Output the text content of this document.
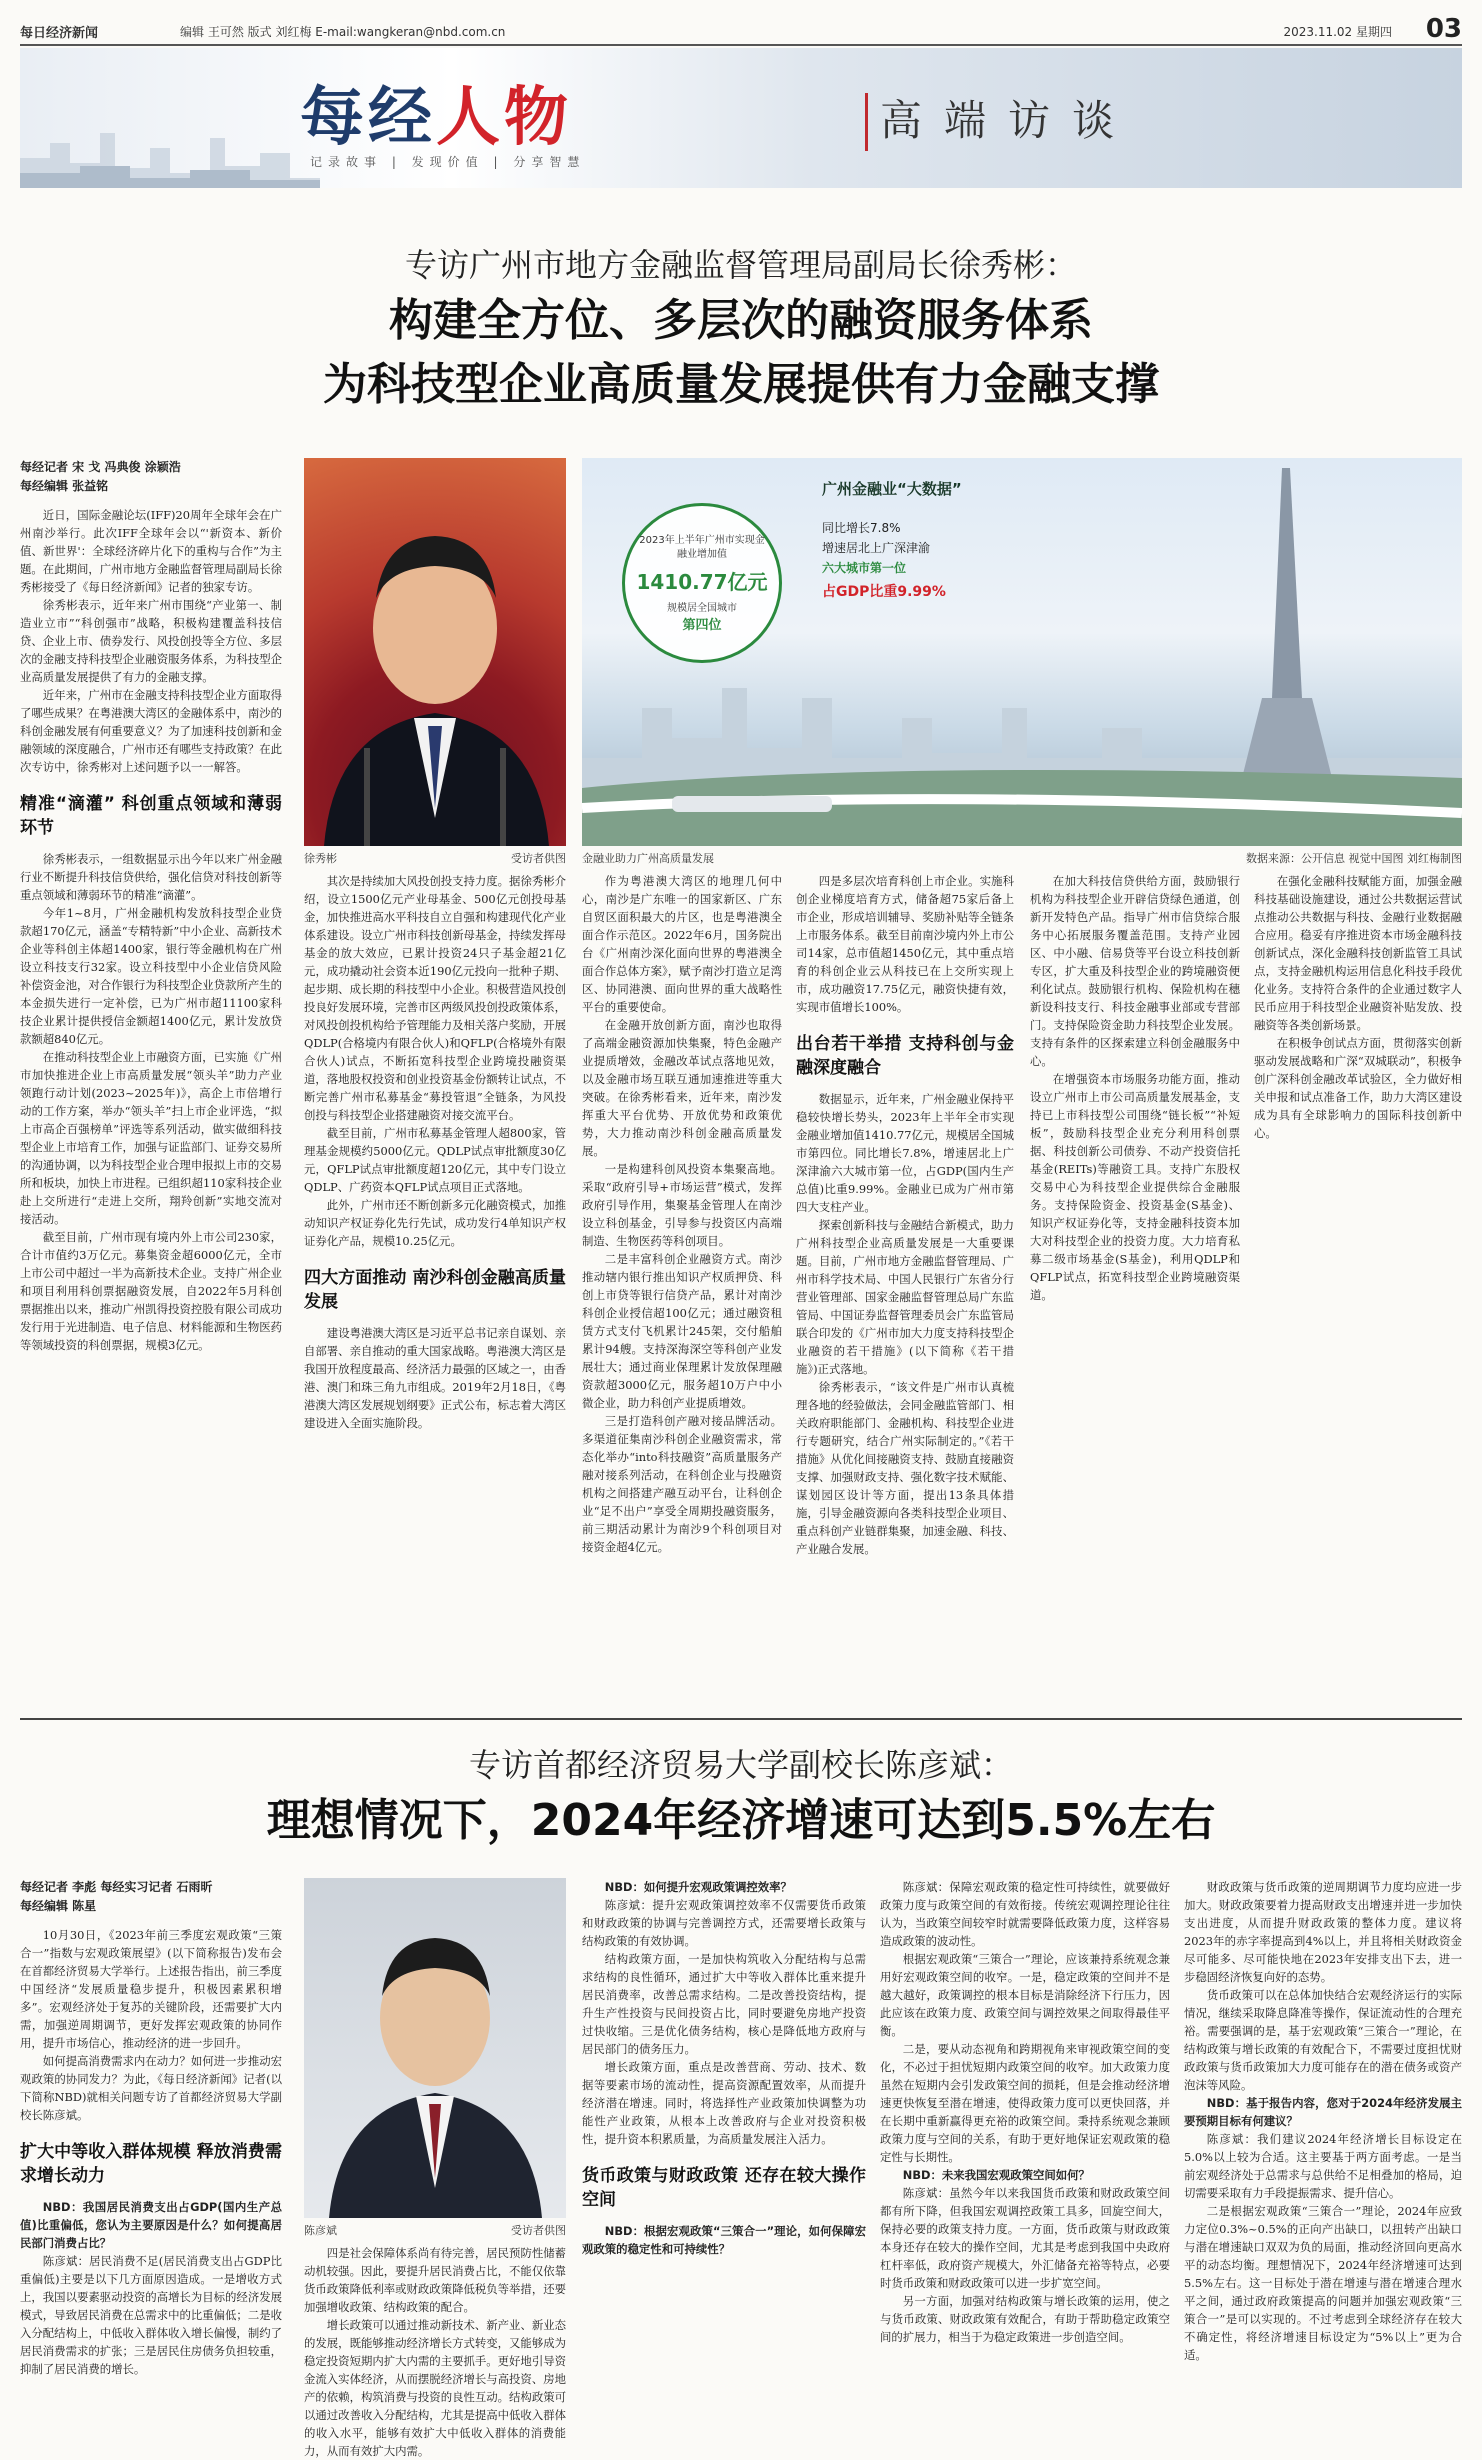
每日经济新闻	编辑 王可然 版式 刘红梅 E-mail:wangkeran@nbd.com.cn	2023.11.02 星期四 03
每经人物
记录故事 | 发现价值 | 分享智慧
高端访谈
专访广州市地方金融监督管理局副局长徐秀彬：
构建全方位、多层次的融资服务体系
为科技型企业高质量发展提供有力金融支撑
每经记者 宋 戈 冯典俊 涂颖浩
每经编辑 张益铭

近日，国际金融论坛(IFF)20周年全球年会在广州南沙举行。此次IFF全球年会以“'新资本、新价值、新世界'：全球经济碎片化下的重构与合作”为主题。在此期间，广州市地方金融监督管理局副局长徐秀彬接受了《每日经济新闻》记者的独家专访。

徐秀彬表示，近年来广州市围绕“产业第一、制造业立市”“科创强市”战略，积极构建覆盖科技信贷、企业上市、债券发行、风投创投等全方位、多层次的金融支持科技型企业融资服务体系，为科技型企业高质量发展提供了有力的金融支撑。

近年来，广州市在金融支持科技型企业方面取得了哪些成果？在粤港澳大湾区的金融体系中，南沙的科创金融发展有何重要意义？为了加速科技创新和金融领域的深度融合，广州市还有哪些支持政策？在此次专访中，徐秀彬对上述问题予以一一解答。

精准“滴灌” 科创重点领域和薄弱环节

徐秀彬表示，一组数据显示出今年以来广州金融行业不断提升科技信贷供给，强化信贷对科技创新等重点领域和薄弱环节的精准“滴灌”。

今年1~8月，广州金融机构发放科技型企业贷款超170亿元，涵盖“专精特新”中小企业、高新技术企业等科创主体超1400家，银行等金融机构在广州设立科技支行32家。设立科技型中小企业信贷风险补偿资金池，对合作银行为科技型企业贷款所产生的本金损失进行一定补偿，已为广州市超11100家科技企业累计提供授信金额超1400亿元，累计发放贷款额超840亿元。

在推动科技型企业上市融资方面，已实施《广州市加快推进企业上市高质量发展“领头羊”助力产业领跑行动计划(2023~2025年)》，高企上市倍增行动的工作方案，举办“领头羊”扫上市企业评选，“拟上市高企百强榜单”评选等系列活动，做实做细科技型企业上市培育工作，加强与证监部门、证券交易所的沟通协调，以为科技型企业合理申报拟上市的交易所和板块，加快上市进程。已组织超110家科技企业赴上交所进行“走进上交所，翔羚创新”实地交流对接活动。

截至目前，广州市现有境内外上市公司230家，合计市值约3万亿元。募集资金超6000亿元，全市上市公司中超过一半为高新技术企业。支持广州企业和项目利用科创票据融资发展，自2022年5月科创票据推出以来，推动广州凯得投资控股有限公司成功发行用于光进制造、电子信息、材料能源和生物医药等领域投资的科创票据，规模3亿元。

徐秀彬	受访者供图
2023年上半年广州市实现金融业增加值
1410.77亿元
规模居全国城市
第四位
广州金融业“大数据”
同比增长7.8%
增速居北上广深津渝
六大城市第一位
占GDP比重9.99%
金融业助力广州高质量发展	数据来源：公开信息 视觉中国图 刘红梅制图

其次是持续加大风投创投支持力度。据徐秀彬介绍，设立1500亿元产业母基金、500亿元创投母基金，加快推进高水平科技自立自强和构建现代化产业体系建设。设立广州市科技创新母基金，持续发挥母基金的放大效应，已累计投资24只子基金超21亿元，成功撬动社会资本近190亿元投向一批种子期、起步期、成长期的科技型中小企业。积极营造风投创投良好发展环境，完善市区两级风投创投政策体系，对风投创投机构给予管理能力及相关落户奖励，开展QDLP(合格境内有限合伙人)和QFLP(合格境外有限合伙人)试点，不断拓宽科技型企业跨境投融资渠道，落地股权投资和创业投资基金份额转让试点，不断完善广州市私募基金“募投管退”全链条，为风投创投与科技型企业搭建融资对接交流平台。

截至目前，广州市私募基金管理人超800家，管理基金规模约5000亿元。QDLP试点审批额度30亿元，QFLP试点审批额度超120亿元，其中专门设立QDLP、广药资本QFLP试点项目正式落地。

此外，广州市还不断创新多元化融资模式，加推动知识产权证券化先行先试，成功发行4单知识产权证券化产品，规模10.25亿元。

四大方面推动 南沙科创金融高质量发展

建设粤港澳大湾区是习近平总书记亲自谋划、亲自部署、亲自推动的重大国家战略。粤港澳大湾区是我国开放程度最高、经济活力最强的区域之一，由香港、澳门和珠三角九市组成。2019年2月18日，《粤港澳大湾区发展规划纲要》正式公布，标志着大湾区建设进入全面实施阶段。

作为粤港澳大湾区的地理几何中心，南沙是广东唯一的国家新区、广东自贸区面积最大的片区，也是粤港澳全面合作示范区。2022年6月，国务院出台《广州南沙深化面向世界的粤港澳全面合作总体方案》，赋予南沙打造立足湾区、协同港澳、面向世界的重大战略性平台的重要使命。

在金融开放创新方面，南沙也取得了高端金融资源加快集聚，特色金融产业提质增效，金融改革试点落地见效，以及金融市场互联互通加速推进等重大突破。在徐秀彬看来，近年来，南沙发挥重大平台优势、开放优势和政策优势，大力推动南沙科创金融高质量发展。

一是构建科创风投资本集聚高地。采取“政府引导+市场运营”模式，发挥政府引导作用，集聚基金管理人在南沙设立科创基金，引导参与投资区内高端制造、生物医药等科创项目。

二是丰富科创企业融资方式。南沙推动辖内银行推出知识产权质押贷、科创上市贷等银行信贷产品，累计对南沙科创企业授信超100亿元；通过融资租赁方式支付飞机累计245架，交付船舶累计94艘。支持深海深空等科创产业发展壮大；通过商业保理累计发放保理融资款超3000亿元，服务超10万户中小微企业，助力科创产业提质增效。

三是打造科创产融对接品牌活动。多渠道征集南沙科创企业融资需求，常态化举办“into科技融资”高质量服务产融对接系列活动，在科创企业与投融资机构之间搭建产融互动平台，让科创企业“足不出户”享受全周期投融资服务，前三期活动累计为南沙9个科创项目对接资金超4亿元。

四是多层次培育科创上市企业。实施科创企业梯度培育方式，储备超75家后备上市企业，形成培训辅导、奖励补贴等全链条上市服务体系。截至目前南沙境内外上市公司14家，总市值超1450亿元，其中重点培育的科创企业云从科技已在上交所实现上市，成功融资17.75亿元，融资快捷有效，实现市值增长100%。

出台若干举措 支持科创与金融深度融合

数据显示，近年来，广州金融业保持平稳较快增长势头，2023年上半年全市实现金融业增加值1410.77亿元，规模居全国城市第四位。同比增长7.8%，增速居北上广深津渝六大城市第一位，占GDP(国内生产总值)比重9.99%。金融业已成为广州市第四大支柱产业。

探索创新科技与金融结合新模式，助力广州科技型企业高质量发展是一大重要课题。目前，广州市地方金融监督管理局、广州市科学技术局、中国人民银行广东省分行营业管理部、国家金融监督管理总局广东监管局、中国证券监督管理委员会广东监管局联合印发的《广州市加大力度支持科技型企业融资的若干措施》(以下简称《若干措施》)正式落地。

徐秀彬表示，“该文件是广州市认真梳理各地的经验做法，会同金融监管部门、相关政府职能部门、金融机构、科技型企业进行专题研究，结合广州实际制定的。”《若干措施》从优化间接融资支持、鼓励直接融资支撑、加强财政支持、强化数字技术赋能、谋划园区设计等方面，提出13条具体措施，引导金融资源向各类科技型企业项目、重点科创产业链群集聚，加速金融、科技、产业融合发展。

在加大科技信贷供给方面，鼓励银行机构为科技型企业开辟信贷绿色通道，创新开发特色产品。指导广州市信贷综合服务中心拓展服务覆盖范围。支持产业园区、中小融、信易贷等平台设立科技创新专区，扩大重及科技型企业的跨境融资便利化试点。鼓励银行机构、保险机构在穗新设科技支行、科技金融事业部或专营部门。支持保险资金助力科技型企业发展。支持有条件的区探索建立科创金融服务中心。

在增强资本市场服务功能方面，推动设立广州市上市公司高质量发展基金，支持已上市科技型公司围绕“链长板”“补短板”，鼓励科技型企业充分利用科创票据、科技创新公司债券、不动产投资信托基金(REITs)等融资工具。支持广东股权交易中心为科技型企业提供综合金融服务。支持保险资金、投资基金(S基金)、知识产权证券化等，支持金融科技资本加大对科技型企业的投资力度。大力培育私募二级市场基金(S基金)，利用QDLP和QFLP试点，拓宽科技型企业跨境融资渠道。

在强化金融科技赋能方面，加强金融科技基础设施建设，通过公共数据运营试点推动公共数据与科技、金融行业数据融合应用。稳妥有序推进资本市场金融科技创新试点，深化金融科技创新监管工具试点，支持金融机构运用信息化科技手段优化业务。支持符合条件的企业通过数字人民币应用于科技型企业融资补贴发放、投融资等各类创新场景。

在积极争创试点方面，贯彻落实创新驱动发展战略和广深“双城联动”，积极争创广深科创金融改革试验区，全力做好相关申报和试点准备工作，助力大湾区建设成为具有全球影响力的国际科技创新中心。

专访首都经济贸易大学副校长陈彦斌：
理想情况下，2024年经济增速可达到5.5%左右
每经记者 李彪 每经实习记者 石雨昕
每经编辑 陈星

10月30日，《2023年前三季度宏观政策“三策合一”指数与宏观政策展望》(以下简称报告)发布会在首都经济贸易大学举行。上述报告指出，前三季度中国经济“发展质量稳步提升，积极因素累积增多”。宏观经济处于复苏的关键阶段，还需要扩大内需，加强逆周期调节，更好发挥宏观政策的协同作用，提升市场信心，推动经济的进一步回升。

如何提高消费需求内在动力？如何进一步推动宏观政策的协同发力？为此，《每日经济新闻》记者(以下简称NBD)就相关问题专访了首都经济贸易大学副校长陈彦斌。

扩大中等收入群体规模 释放消费需求增长动力

NBD：我国居民消费支出占GDP(国内生产总值)比重偏低，您认为主要原因是什么？如何提高居民部门消费占比？

陈彦斌：居民消费不足(居民消费支出占GDP比重偏低)主要是以下几方面原因造成。一是增收方式上，我国以要素驱动投资的高增长为目标的经济发展模式，导致居民消费在总需求中的比重偏低；二是收入分配结构上，中低收入群体收入增长偏慢，制约了居民消费需求的扩张；三是居民住房债务负担较重，抑制了居民消费的增长。

陈彦斌	受访者供图

四是社会保障体系尚有待完善，居民预防性储蓄动机较强。因此，要提升居民消费占比，不能仅依靠货币政策降低利率或财政政策降低税负等举措，还要加强增收政策、结构政策的配合。

增长政策可以通过推动新技术、新产业、新业态的发展，既能够推动经济增长方式转变，又能够成为稳定投资短期内扩大内需的主要抓手。更好地引导资金流入实体经济，从而摆脱经济增长与高投资、房地产的依赖，构筑消费与投资的良性互动。结构政策可以通过改善收入分配结构，尤其是提高中低收入群体的收入水平，能够有效扩大中低收入群体的消费能力，从而有效扩大内需。

NBD：如何提升宏观政策调控效率？

陈彦斌：提升宏观政策调控效率不仅需要货币政策和财政政策的协调与完善调控方式，还需要增长政策与结构政策的有效协调。

结构政策方面，一是加快构筑收入分配结构与总需求结构的良性循环，通过扩大中等收入群体比重来提升居民消费率，改善总需求结构。二是改善投资结构，提升生产性投资与民间投资占比，同时要避免房地产投资过快收缩。三是优化债务结构，核心是降低地方政府与居民部门的债务压力。

增长政策方面，重点是改善营商、劳动、技术、数据等要素市场的流动性，提高资源配置效率，从而提升经济潜在增速。同时，将选择性产业政策加快调整为功能性产业政策，从根本上改善政府与企业对投资积极性，提升资本积累质量，为高质量发展注入活力。

货币政策与财政政策 还存在较大操作空间

NBD：根据宏观政策“三策合一”理论，如何保障宏观政策的稳定性和可持续性？

陈彦斌：保障宏观政策的稳定性可持续性，就要做好政策力度与政策空间的有效衔接。传统宏观调控理论往往认为，当政策空间较窄时就需要降低政策力度，这样容易造成政策的波动性。

根据宏观政策“三策合一”理论，应该兼持系统观念兼用好宏观政策空间的收窄。一是，稳定政策的空间并不是越大越好，政策调控的根本目标是消除经济下行压力，因此应该在政策力度、政策空间与调控效果之间取得最佳平衡。

二是，要从动态视角和跨期视角来审视政策空间的变化，不必过于担忧短期内政策空间的收窄。加大政策力度虽然在短期内会引发政策空间的损耗，但是会推动经济增速更快恢复至潜在增速，使得政策力度可以更快回落，并在长期中重新赢得更充裕的政策空间。秉持系统观念兼顾政策力度与空间的关系，有助于更好地保证宏观政策的稳定性与长期性。

NBD：未来我国宏观政策空间如何？

陈彦斌：虽然今年以来我国货币政策和财政政策空间都有所下降，但我国宏观调控政策工具多，回旋空间大，保持必要的政策支持力度。一方面，货币政策与财政政策本身还存在较大的操作空间，尤其是考虑到我国中央政府杠杆率低，政府资产规模大，外汇储备充裕等特点，必要时货币政策和财政政策可以进一步扩宽空间。

另一方面，加强对结构政策与增长政策的运用，使之与货币政策、财政政策有效配合，有助于帮助稳定政策空间的扩展力，相当于为稳定政策进一步创造空间。

财政政策与货币政策的逆周期调节力度均应进一步加大。财政政策要着力提高财政支出增速并进一步加快支出进度，从而提升财政政策的整体力度。建议将2023年的赤字率提高到4%以上，并且将相关财政资金尽可能多、尽可能快地在2023年安排支出下去，进一步稳固经济恢复向好的态势。

货币政策可以在总体加快结合宏观经济运行的实际情况，继续采取降息降准等操作，保证流动性的合理充裕。需要强调的是，基于宏观政策“三策合一”理论，在结构政策与增长政策的有效配合下，不需要过度担忧财政政策与货币政策加大力度可能存在的潜在债务或资产泡沫等风险。

NBD：基于报告内容，您对于2024年经济发展主要预期目标有何建议？

陈彦斌：我们建议2024年经济增长目标设定在5.0%以上较为合适。这主要基于两方面考虑。一是当前宏观经济处于总需求与总供给不足相叠加的格局，迫切需要采取有力手段提振需求、提升信心。

二是根据宏观政策“三策合一”理论，2024年应致力定位0.3%~0.5%的正向产出缺口，以扭转产出缺口与潜在增速缺口双双为负的局面，推动经济回向更高水平的动态均衡。理想情况下，2024年经济增速可达到5.5%左右。这一目标处于潜在增速与潜在增速合理水平之间，通过政府政策提高的问题并加强宏观政策“三策合一”是可以实现的。不过考虑到全球经济存在较大不确定性，将经济增速目标设定为“5%以上”更为合适。
